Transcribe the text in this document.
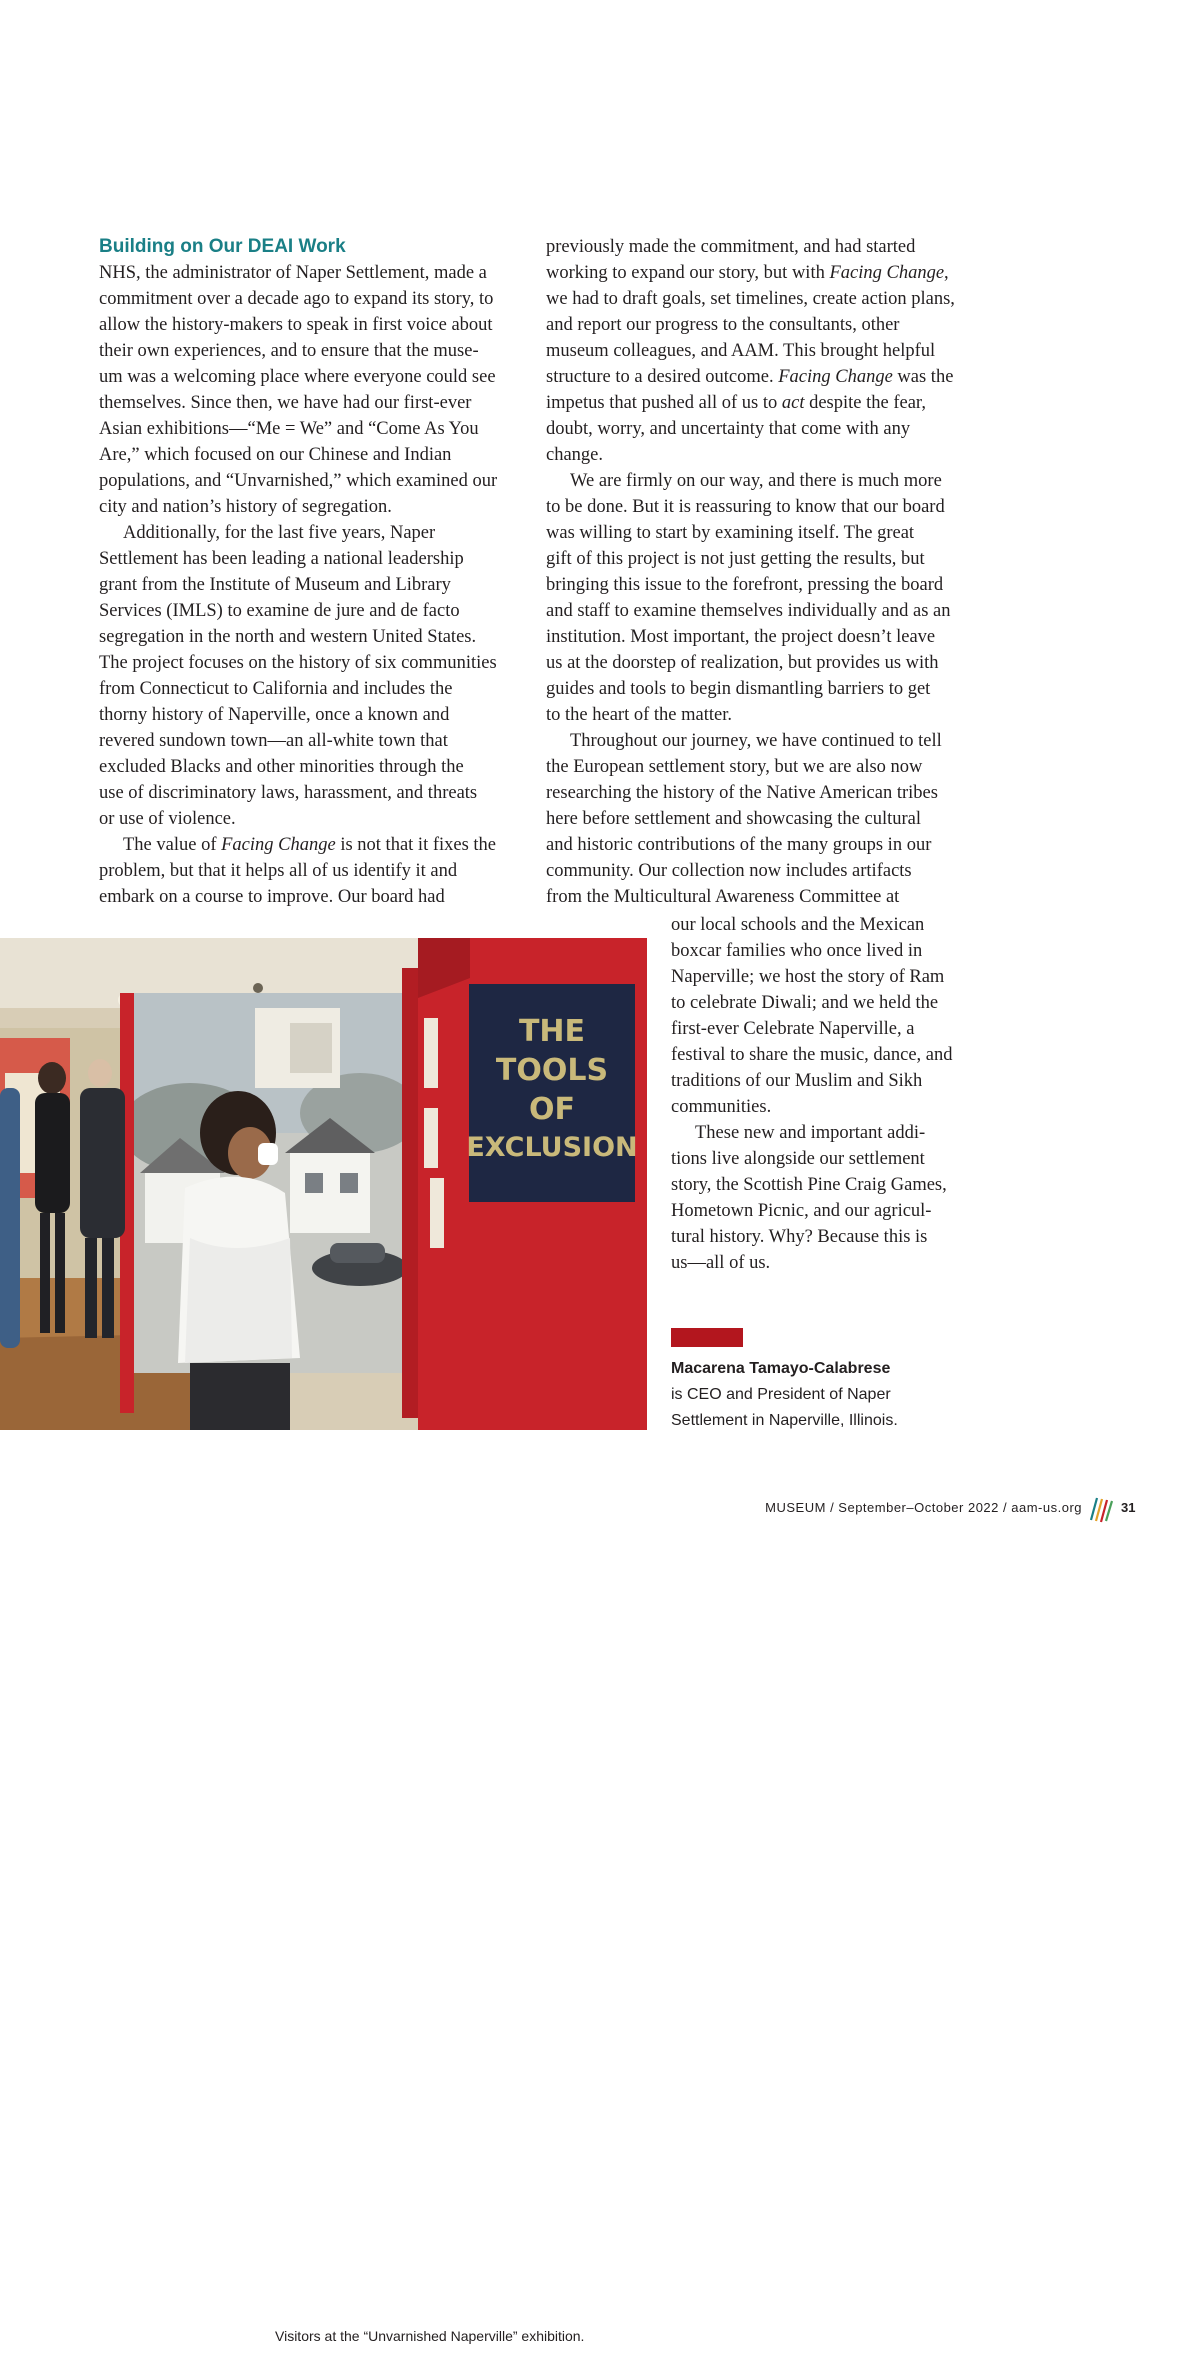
Building on Our DEAI Work
NHS, the administrator of Naper Settlement, made a
commitment over a decade ago to expand its story, to
allow the history-makers to speak in first voice about
their own experiences, and to ensure that the muse-
um was a welcoming place where everyone could see
themselves. Since then, we have had our first-ever
Asian exhibitions—“Me = We” and “Come As You
Are,” which focused on our Chinese and Indian
populations, and “Unvarnished,” which examined our
city and nation’s history of segregation.
Additionally, for the last five years, Naper
Settlement has been leading a national leadership
grant from the Institute of Museum and Library
Services (IMLS) to examine de jure and de facto
segregation in the north and western United States.
The project focuses on the history of six communities
from Connecticut to California and includes the
thorny history of Naperville, once a known and
revered sundown town—an all-white town that
excluded Blacks and other minorities through the
use of discriminatory laws, harassment, and threats
or use of violence.
The value of Facing Change is not that it fixes the
problem, but that it helps all of us identify it and
embark on a course to improve. Our board had
previously made the commitment, and had started
working to expand our story, but with Facing Change,
we had to draft goals, set timelines, create action plans,
and report our progress to the consultants, other
museum colleagues, and AAM. This brought helpful
structure to a desired outcome. Facing Change was the
impetus that pushed all of us to act despite the fear,
doubt, worry, and uncertainty that come with any
change.
We are firmly on our way, and there is much more
to be done. But it is reassuring to know that our board
was willing to start by examining itself. The great
gift of this project is not just getting the results, but
bringing this issue to the forefront, pressing the board
and staff to examine themselves individually and as an
institution. Most important, the project doesn’t leave
us at the doorstep of realization, but provides us with
guides and tools to begin dismantling barriers to get
to the heart of the matter.
Throughout our journey, we have continued to tell
the European settlement story, but we are also now
researching the history of the Native American tribes
here before settlement and showcasing the cultural
and historic contributions of the many groups in our
community. Our collection now includes artifacts
from the Multicultural Awareness Committee at
our local schools and the Mexican
boxcar families who once lived in
Naperville; we host the story of Ram
to celebrate Diwali; and we held the
first-ever Celebrate Naperville, a
festival to share the music, dance, and
traditions of our Muslim and Sikh
communities.
These new and important addi-
tions live alongside our settlement
story, the Scottish Pine Craig Games,
Hometown Picnic, and our agricul-
tural history. Why? Because this is
us—all of us.
THE
TOOLS
OF
EXCLUSION
Visitors at the “Unvarnished Naperville” exhibition.
Macarena Tamayo-Calabrese
is CEO and President of Naper
Settlement in Naperville, Illinois.
MUSEUM / September–October 2022 / aam-us.org	31
